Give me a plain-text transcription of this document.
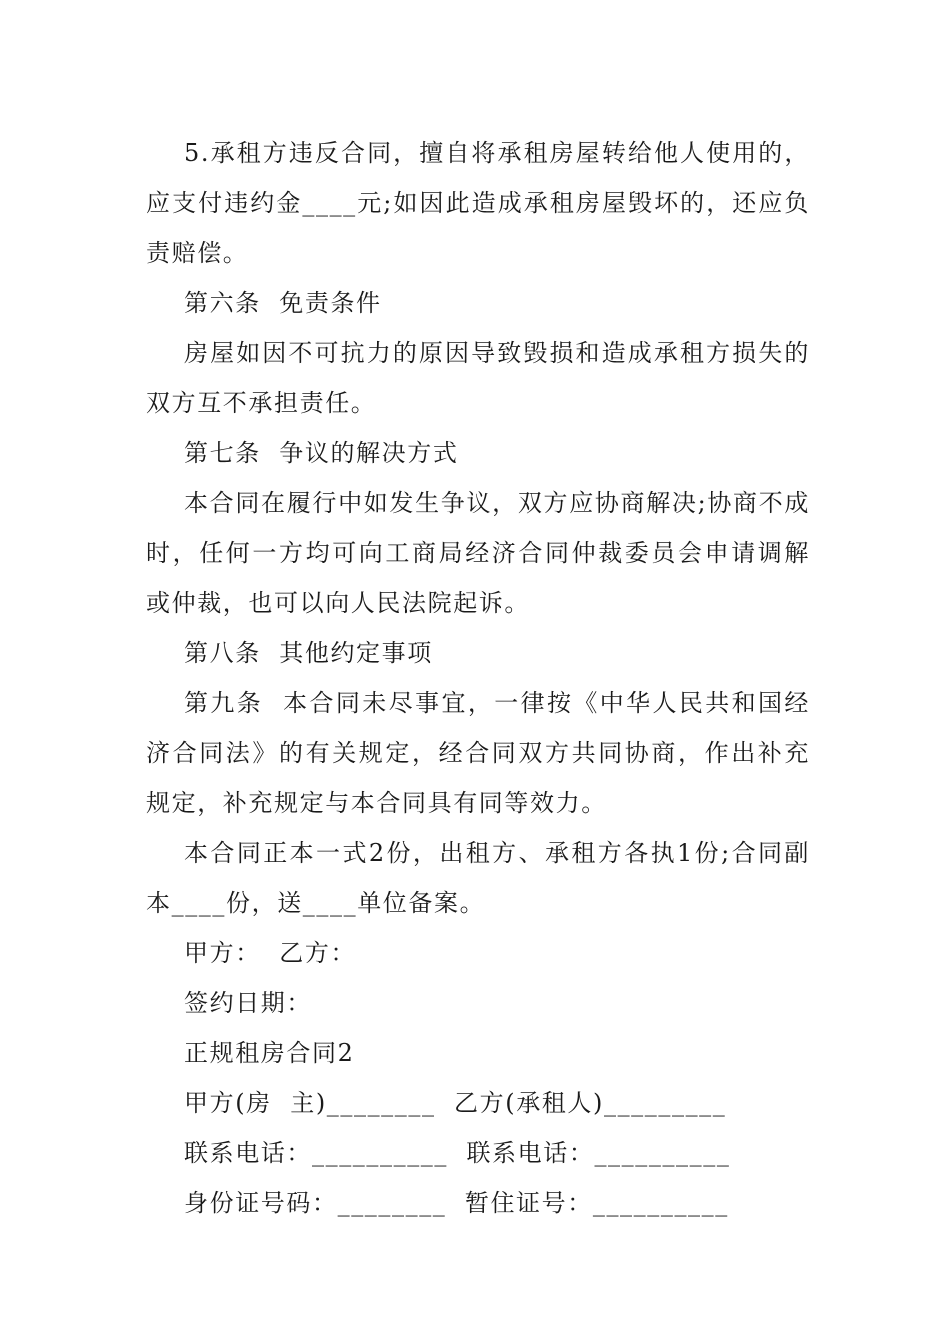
5.承租方违反合同，擅自将承租房屋转给他人使用的，应支付违约金____元;如因此造成承租房屋毁坏的，还应负责赔偿。

第六条  免责条件

房屋如因不可抗力的原因导致毁损和造成承租方损失的双方互不承担责任。

第七条  争议的解决方式

本合同在履行中如发生争议，双方应协商解决;协商不成时，任何一方均可向工商局经济合同仲裁委员会申请调解或仲裁，也可以向人民法院起诉。

第八条  其他约定事项

第九条  本合同未尽事宜，一律按《中华人民共和国经济合同法》的有关规定，经合同双方共同协商，作出补充规定，补充规定与本合同具有同等效力。

本合同正本一式2份，出租方、承租方各执1份;合同副本____份，送____单位备案。

甲方：  乙方：

签约日期：

正规租房合同2

甲方(房  主)________  乙方(承租人)_________

联系电话：__________  联系电话：__________

身份证号码：________  暂住证号：__________
